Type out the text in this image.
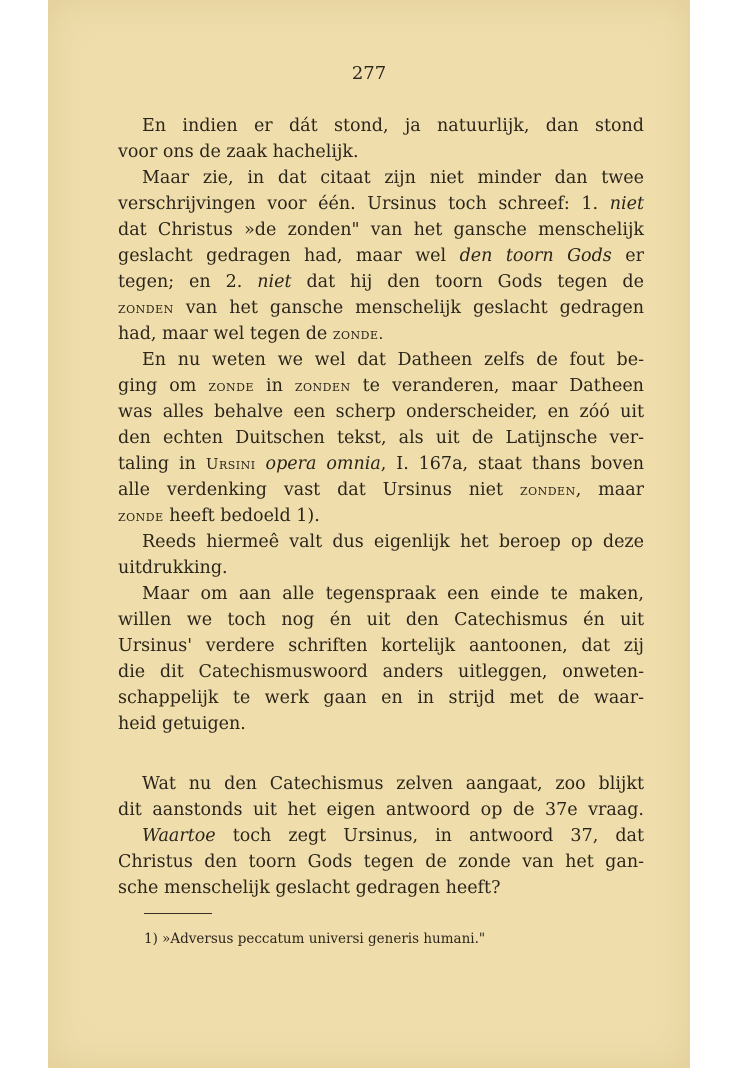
277
En indien er dát stond, ja natuurlijk, dan stond
voor ons de zaak hachelijk.
Maar zie, in dat citaat zijn niet minder dan twee
verschrijvingen voor één. Ursinus toch schreef: 1. niet
dat Christus »de zonden" van het gansche menschelijk
geslacht gedragen had, maar wel den toorn Gods er
tegen; en 2. niet dat hij den toorn Gods tegen de
zonden van het gansche menschelijk geslacht gedragen
had, maar wel tegen de zonde.
En nu weten we wel dat Datheen zelfs de fout be-
ging om zonde in zonden te veranderen, maar Datheen
was alles behalve een scherp onderscheider, en zóó uit
den echten Duitschen tekst, als uit de Latijnsche ver-
taling in Ursini opera omnia, I. 167a, staat thans boven
alle verdenking vast dat Ursinus niet zonden, maar
zonde heeft bedoeld 1).
Reeds hiermeê valt dus eigenlijk het beroep op deze
uitdrukking.
Maar om aan alle tegenspraak een einde te maken,
willen we toch nog én uit den Catechismus én uit
Ursinus' verdere schriften kortelijk aantoonen, dat zij
die dit Catechismuswoord anders uitleggen, onweten-
schappelijk te werk gaan en in strijd met de waar-
heid getuigen.
Wat nu den Catechismus zelven aangaat, zoo blijkt
dit aanstonds uit het eigen antwoord op de 37e vraag.
Waartoe toch zegt Ursinus, in antwoord 37, dat
Christus den toorn Gods tegen de zonde van het gan-
sche menschelijk geslacht gedragen heeft?
1) »Adversus peccatum universi generis humani."
